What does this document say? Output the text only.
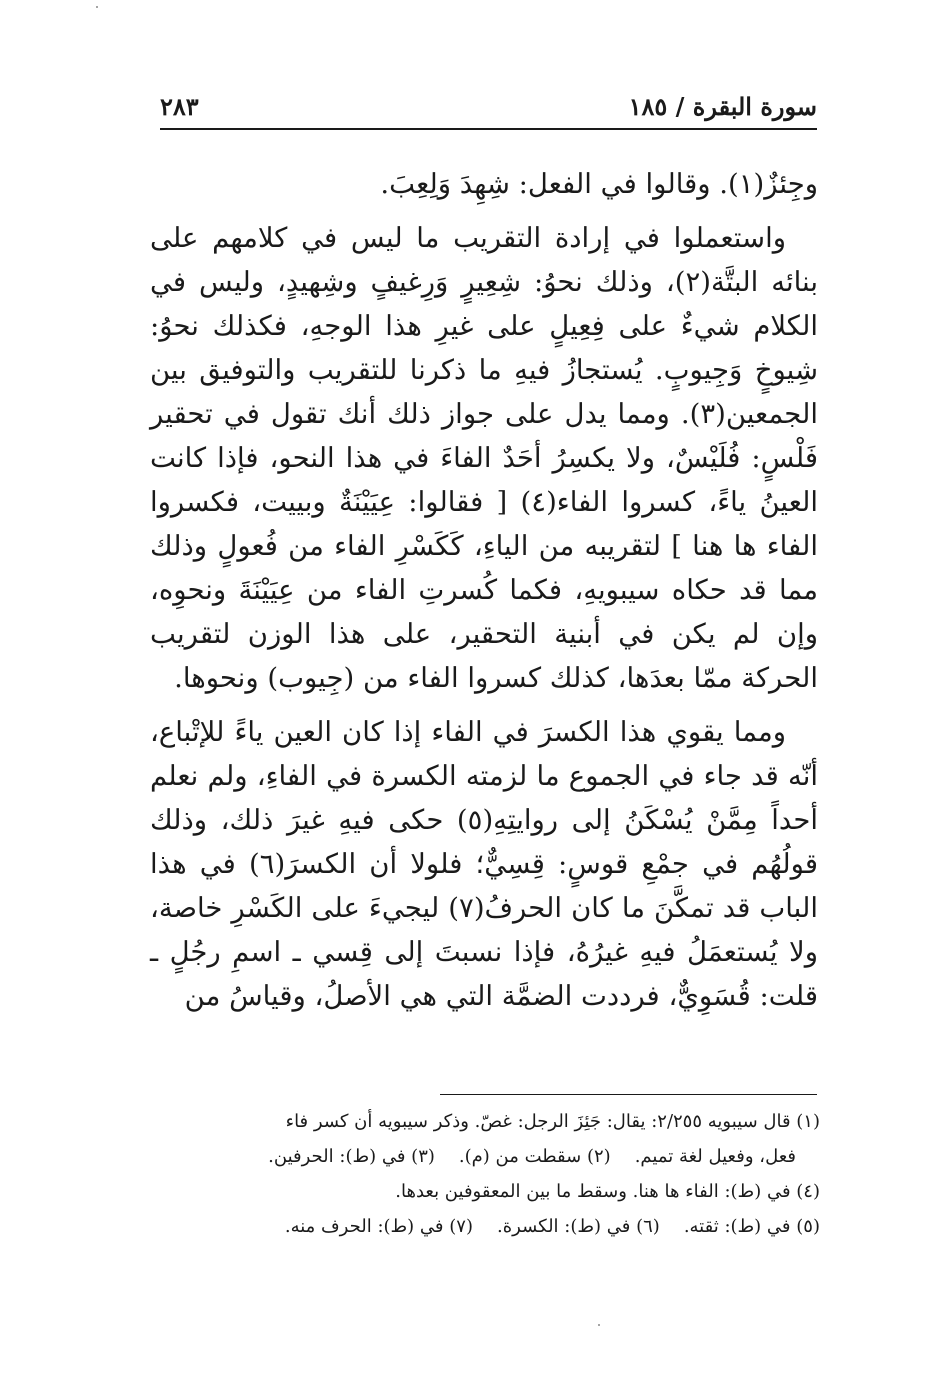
سورة البقرة / ١٨٥
٢٨٣

وجِئزٌ(١). وقالوا في الفعل: شِهِدَ وَلِعِبَ.

واستعملوا في إرادة التقريب ما ليس في كلامهم على بنائه البتَّة(٢)، وذلك نحوُ: شِعِيرٍ وَرِغيفٍ وشِهيدٍ، وليس في الكلام شيءٌ على فِعِيلٍ على غيرِ هذا الوجهِ، فكذلك نحوُ: شِيوخٍ وَجِيوبٍ. يُستجازُ فيهِ ما ذكرنا للتقريب والتوفيق بين الجمعين(٣). ومما يدل على جواز ذلك أنك تقول في تحقير فَلْسٍ: فُلَيْسٌ، ولا يكسِرُ أحَدٌ الفاءَ في هذا النحو، فإذا كانت العينُ ياءً، كسروا الفاء(٤) [ فقالوا: عِيَيْنَةٌ وبييت، فكسروا الفاء ها هنا ] لتقريبه من الياءِ، كَكَسْرِ الفاء من فُعولٍ وذلك مما قد حكاه سيبويهِ، فكما كُسرتِ الفاء من عِيَيْنَةَ ونحوِه، وإن لم يكن في أبنية التحقير، على هذا الوزن لتقريب الحركة ممّا بعدَها، كذلك كسروا الفاء من (جِيوب) ونحوها.

ومما يقوي هذا الكسرَ في الفاء إذا كان العين ياءً للإتْباع، أنّه قد جاء في الجموع ما لزمته الكسرة في الفاءِ، ولم نعلم أحداً مِمَّنْ يُسْكَنُ إلى روايتِهِ(٥) حكى فيهِ غيرَ ذلك، وذلك قولُهُم في جمْعِ قوسٍ: قِسِيٌّ؛ فلولا أن الكسرَ(٦) في هذا الباب قد تمكَّنَ ما كان الحرفُ(٧) ليجيءَ على الكَسْرِ خاصة، ولا يُستعمَلُ فيهِ غيرُهُ، فإذا نسبتَ إلى قِسي ـ اسمِ رجُلٍ ـ قلت: قُسَوِيٌّ، فرددت الضمَّة التي هي الأصلُ، وقياسُ من

(١) قال سيبويه ٢/٢٥٥: يقال: جَئِزَ الرجل: غصّ. وذكر سيبويه أن كسر فاء
فعل، وفعيل لغة تميم.(٢) سقطت من (م).(٣) في (ط): الحرفين.
(٤) في (ط): الفاء ها هنا. وسقط ما بين المعقوفين بعدها.
(٥) في (ط): ثقته.(٦) في (ط): الكسرة.(٧) في (ط): الحرف منه.
